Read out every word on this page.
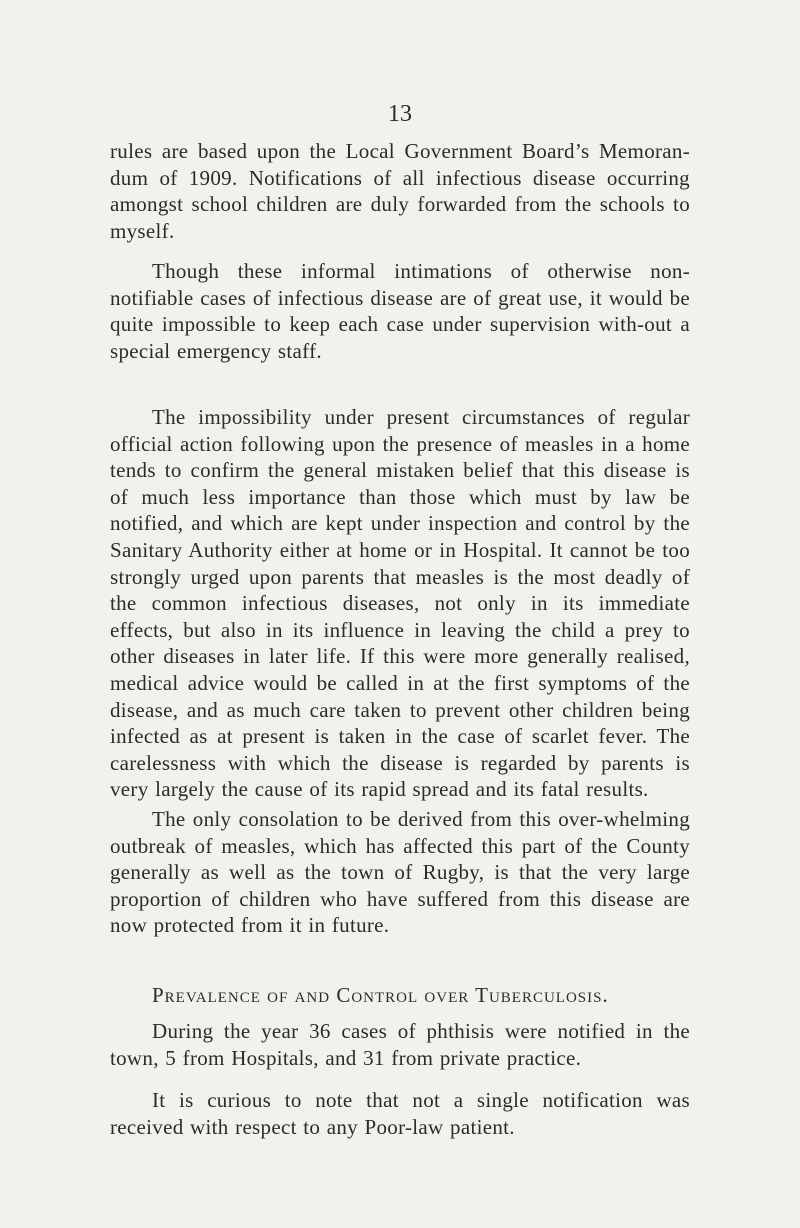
13

rules are based upon the Local Government Board’s Memoran-dum of 1909. Notifications of all infectious disease occurring amongst school children are duly forwarded from the schools to myself.

Though these informal intimations of otherwise non-notifiable cases of infectious disease are of great use, it would be quite impossible to keep each case under supervision with-out a special emergency staff.

The impossibility under present circumstances of regular official action following upon the presence of measles in a home tends to confirm the general mistaken belief that this disease is of much less importance than those which must by law be notified, and which are kept under inspection and control by the Sanitary Authority either at home or in Hospital. It cannot be too strongly urged upon parents that measles is the most deadly of the common infectious diseases, not only in its immediate effects, but also in its influence in leaving the child a prey to other diseases in later life. If this were more generally realised, medical advice would be called in at the first symptoms of the disease, and as much care taken to prevent other children being infected as at present is taken in the case of scarlet fever. The carelessness with which the disease is regarded by parents is very largely the cause of its rapid spread and its fatal results.

The only consolation to be derived from this over-whelming outbreak of measles, which has affected this part of the County generally as well as the town of Rugby, is that the very large proportion of children who have suffered from this disease are now protected from it in future.

Prevalence of and Control over Tuberculosis.

During the year 36 cases of phthisis were notified in the town, 5 from Hospitals, and 31 from private practice.

It is curious to note that not a single notification was received with respect to any Poor-law patient.
